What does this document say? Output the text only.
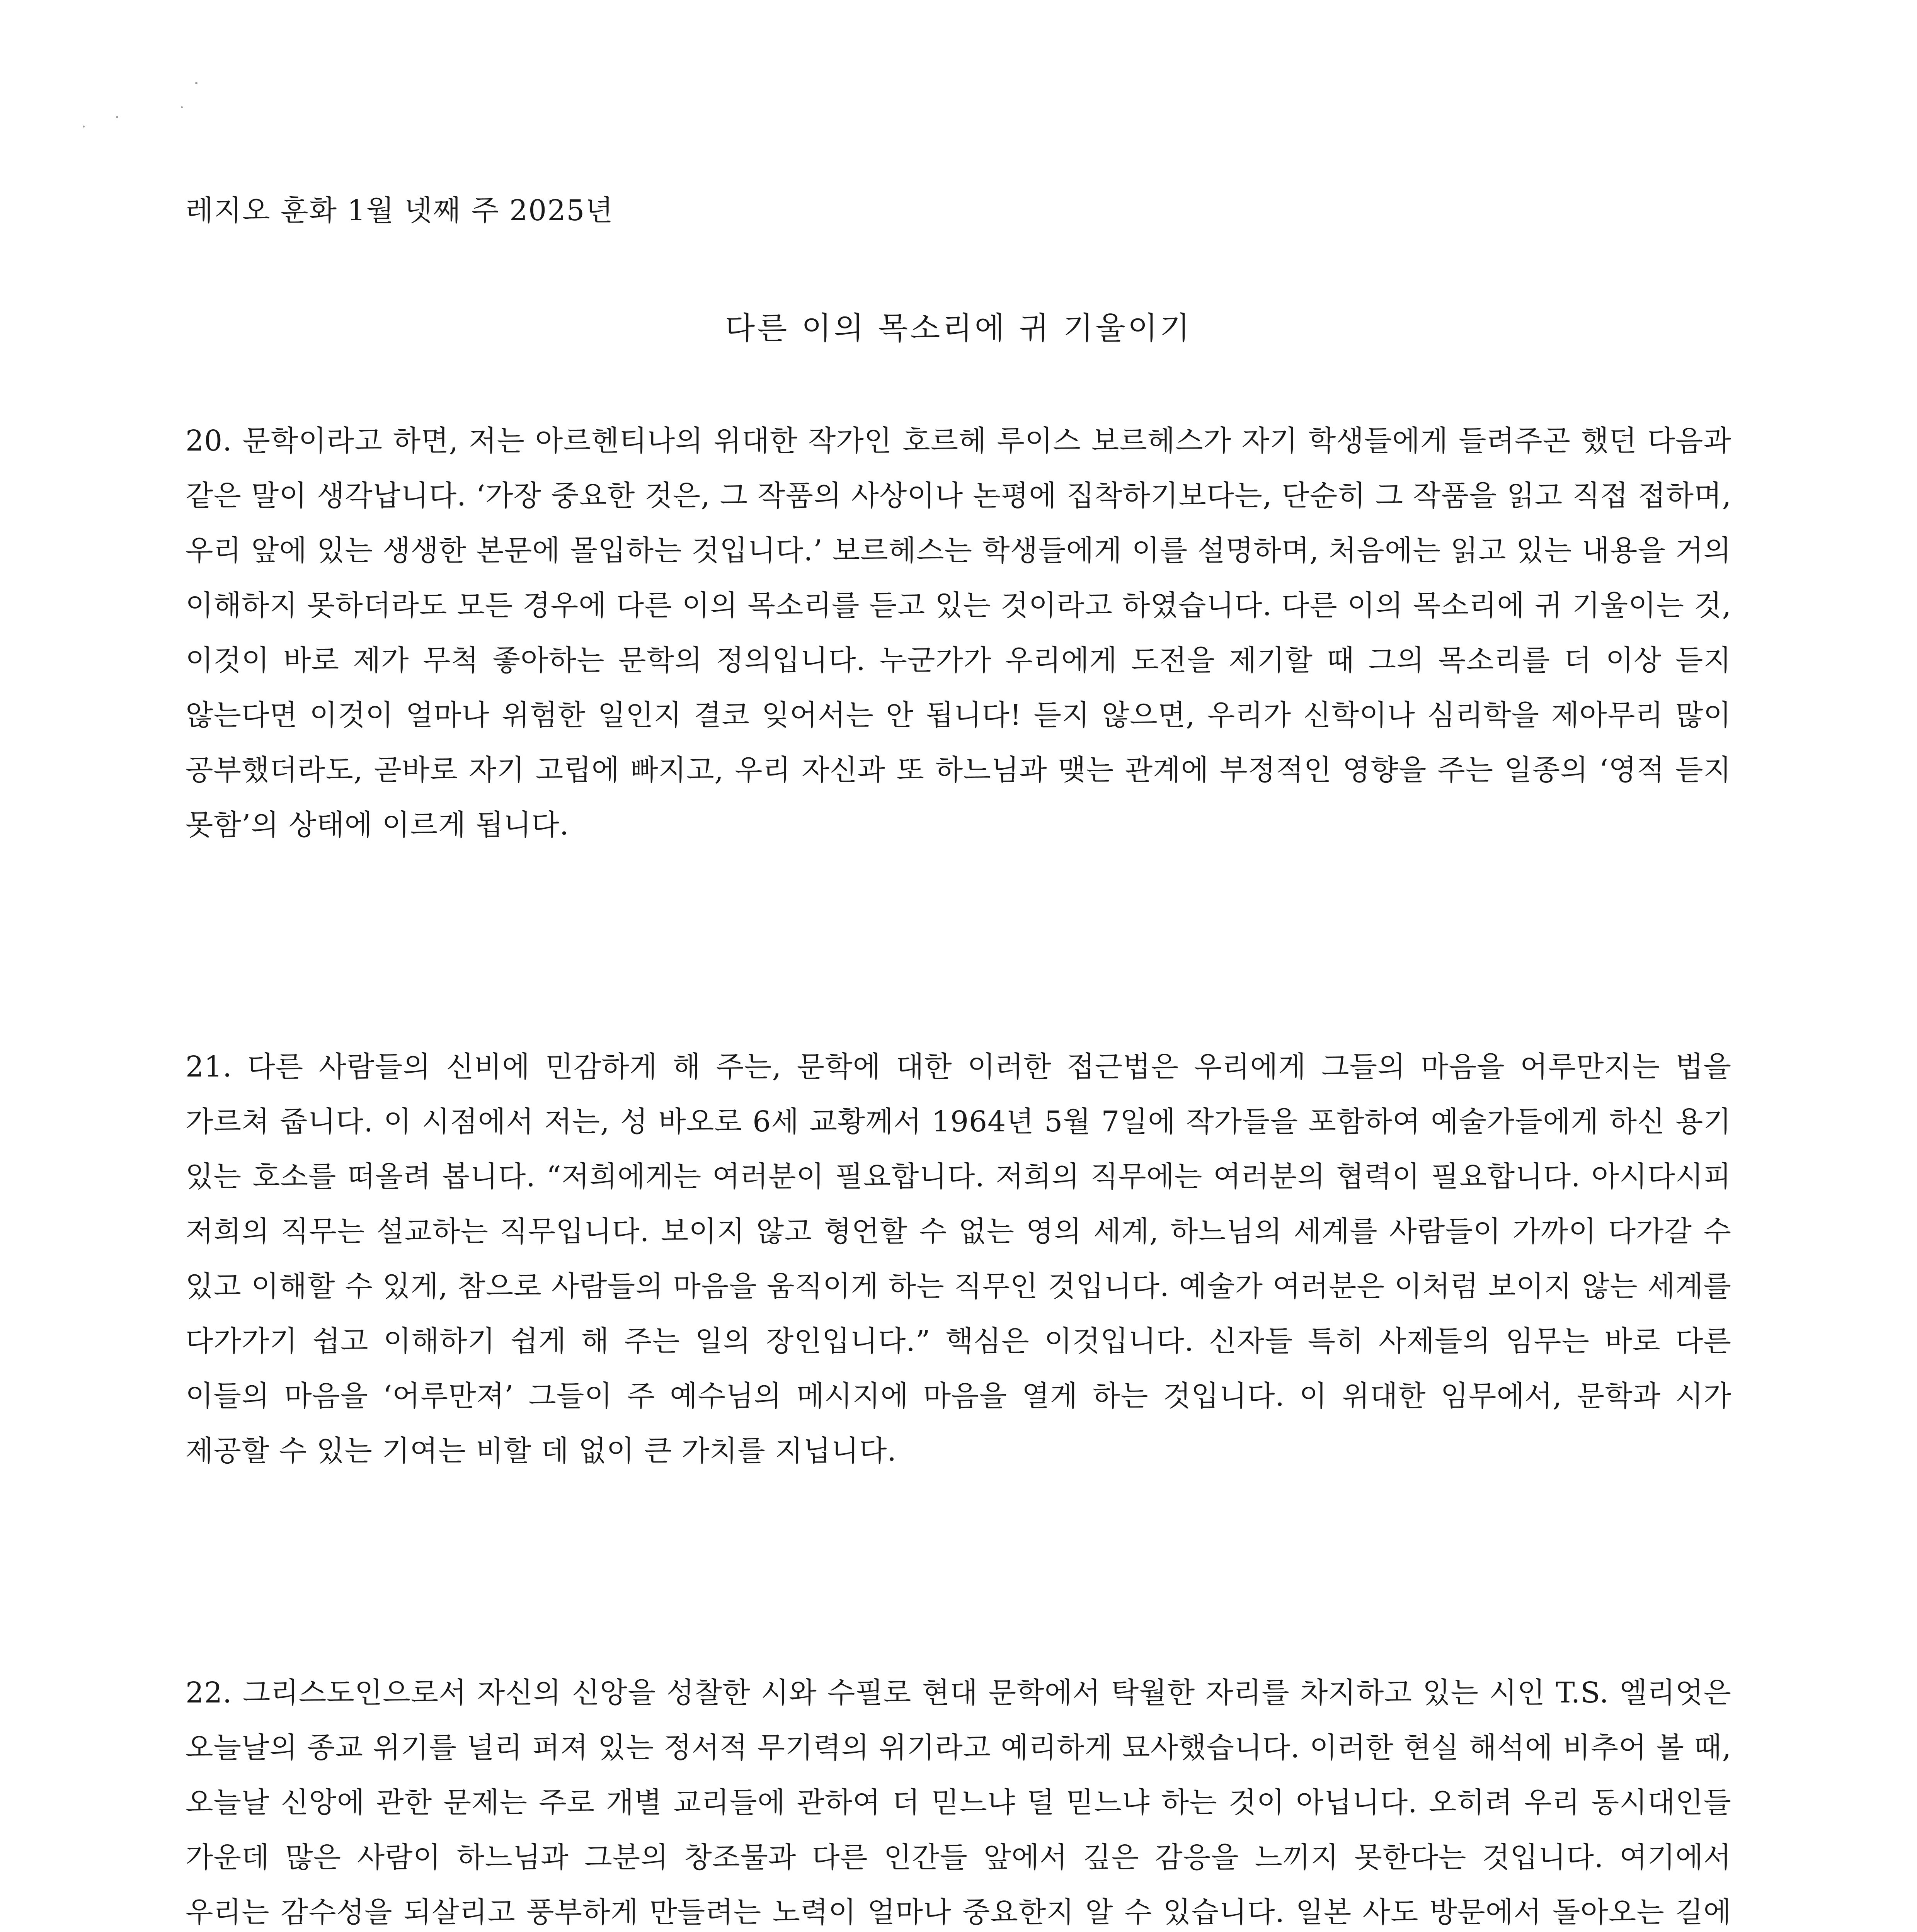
레지오 훈화 1월 넷째 주 2025년
다른 이의 목소리에 귀 기울이기

20. 문학이라고 하면, 저는 아르헨티나의 위대한 작가인 호르헤 루이스 보르헤스가 자기 학생들에게 들려주곤 했던 다음과 같은 말이 생각납니다. ‘가장 중요한 것은, 그 작품의 사상이나 논평에 집착하기보다는, 단순히 그 작품을 읽고 직접 접하며, 우리 앞에 있는 생생한 본문에 몰입하는 것입니다.’ 보르헤스는 학생들에게 이를 설명하며, 처음에는 읽고 있는 내용을 거의 이해하지 못하더라도 모든 경우에 다른 이의 목소리를 듣고 있는 것이라고 하였습니다. 다른 이의 목소리에 귀 기울이는 것, 이것이 바로 제가 무척 좋아하는 문학의 정의입니다. 누군가가 우리에게 도전을 제기할 때 그의 목소리를 더 이상 듣지 않는다면 이것이 얼마나 위험한 일인지 결코 잊어서는 안 됩니다! 듣지 않으면, 우리가 신학이나 심리학을 제아무리 많이 공부했더라도, 곧바로 자기 고립에 빠지고, 우리 자신과 또 하느님과 맺는 관계에 부정적인 영향을 주는 일종의 ‘영적 듣지 못함’의 상태에 이르게 됩니다.

21. 다른 사람들의 신비에 민감하게 해 주는, 문학에 대한 이러한 접근법은 우리에게 그들의 마음을 어루만지는 법을 가르쳐 줍니다. 이 시점에서 저는, 성 바오로 6세 교황께서 1964년 5월 7일에 작가들을 포함하여 예술가들에게 하신 용기 있는 호소를 떠올려 봅니다. “저희에게는 여러분이 필요합니다. 저희의 직무에는 여러분의 협력이 필요합니다. 아시다시피 저희의 직무는 설교하는 직무입니다. 보이지 않고 형언할 수 없는 영의 세계, 하느님의 세계를 사람들이 가까이 다가갈 수 있고 이해할 수 있게, 참으로 사람들의 마음을 움직이게 하는 직무인 것입니다. 예술가 여러분은 이처럼 보이지 않는 세계를 다가가기 쉽고 이해하기 쉽게 해 주는 일의 장인입니다.” 핵심은 이것입니다. 신자들 특히 사제들의 임무는 바로 다른 이들의 마음을 ‘어루만져’ 그들이 주 예수님의 메시지에 마음을 열게 하는 것입니다. 이 위대한 임무에서, 문학과 시가 제공할 수 있는 기여는 비할 데 없이 큰 가치를 지닙니다.

22. 그리스도인으로서 자신의 신앙을 성찰한 시와 수필로 현대 문학에서 탁월한 자리를 차지하고 있는 시인 T.S. 엘리엇은 오늘날의 종교 위기를 널리 퍼져 있는 정서적 무기력의 위기라고 예리하게 묘사했습니다. 이러한 현실 해석에 비추어 볼 때, 오늘날 신앙에 관한 문제는 주로 개별 교리들에 관하여 더 믿느냐 덜 믿느냐 하는 것이 아닙니다. 오히려 우리 동시대인들 가운데 많은 사람이 하느님과 그분의 창조물과 다른 인간들 앞에서 깊은 감응을 느끼지 못한다는 것입니다. 여기에서 우리는 감수성을 되살리고 풍부하게 만들려는 노력이 얼마나 중요한지 알 수 있습니다. 일본 사도 방문에서 돌아오는 길에
